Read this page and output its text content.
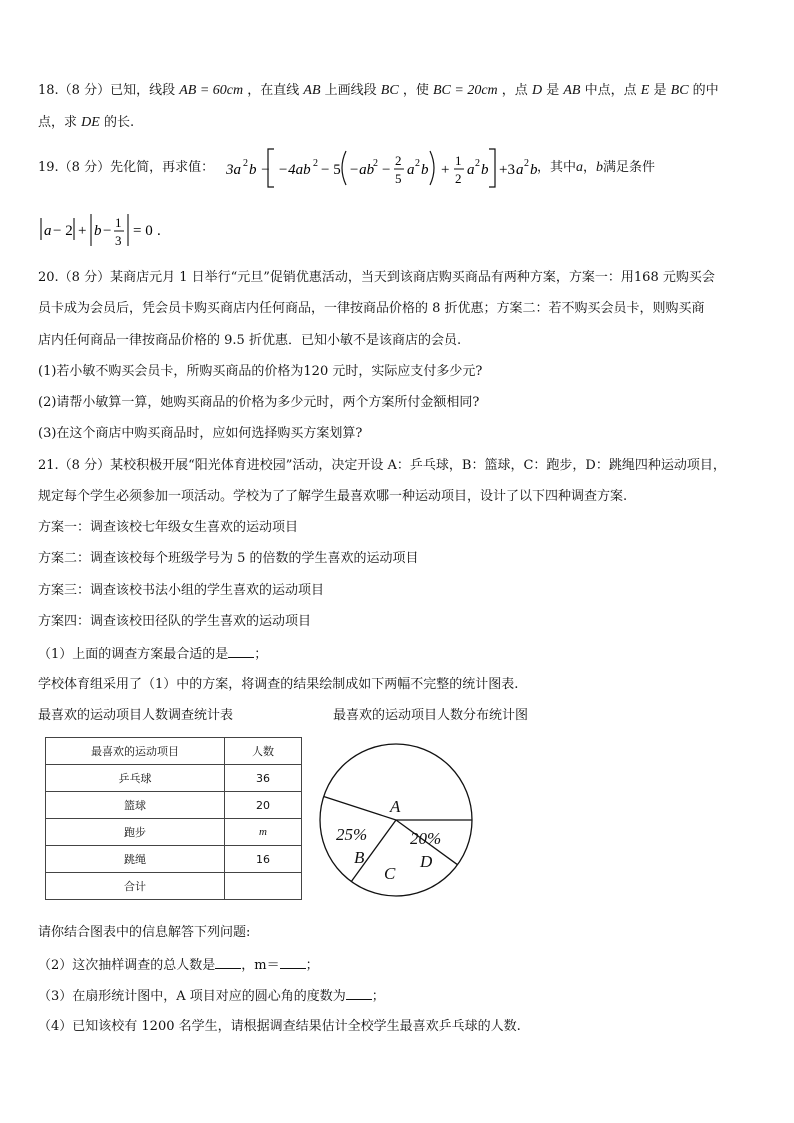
18.（8 分）已知，线段 AB = 60cm ，在直线 AB 上画线段 BC ，使 BC = 20cm ，点 D 是 AB 中点，点 E 是 BC 的中
点，求 DE 的长.
19.（8 分）先化简，再求值： 3a 2 b − −4ab 2 − 5 −ab
2 −
2
5
a 2 b +
1
2
a 2 b +3 a 2 b ，其中a，b满足条件
a − 2 + b −
1
3
= 0 .
20.（8 分）某商店元月 1 日举行“元旦”促销优惠活动，当天到该商店购买商品有两种方案，方案一：用168 元购买会
员卡成为会员后，凭会员卡购买商店内任何商品，一律按商品价格的 8 折优惠；方案二：若不购买会员卡，则购买商
店内任何商品一律按商品价格的 9.5 折优惠．已知小敏不是该商店的会员.
(1)若小敏不购买会员卡，所购买商品的价格为120 元时，实际应支付多少元?
(2)请帮小敏算一算，她购买商品的价格为多少元时，两个方案所付金额相同?
(3)在这个商店中购买商品时，应如何选择购买方案划算?
21.（8 分）某校积极开展“阳光体育进校园”活动，决定开设 A：乒乓球，B：篮球，C：跑步，D：跳绳四种运动项目，
规定每个学生必须参加一项活动。学校为了了解学生最喜欢哪一种运动项目，设计了以下四种调查方案.
方案一：调查该校七年级女生喜欢的运动项目
方案二：调查该校每个班级学号为 5 的倍数的学生喜欢的运动项目
方案三：调查该校书法小组的学生喜欢的运动项目
方案四：调查该校田径队的学生喜欢的运动项目
（1）上面的调查方案最合适的是 ；
学校体育组采用了（1）中的方案，将调查的结果绘制成如下两幅不完整的统计图表.
最喜欢的运动项目人数调查统计表	最喜欢的运动项目人数分布统计图
最喜欢的运动项目	人数
乒乓球	36
篮球	20
跑步	m
跳绳	16
合计	
A
25%
B
C
20%
D
请你结合图表中的信息解答下列问题:
（2）这次抽样调查的总人数是 ，m＝ ；
（3）在扇形统计图中，A 项目对应的圆心角的度数为 ；
（4）已知该校有 1200 名学生，请根据调查结果估计全校学生最喜欢乒乓球的人数.
